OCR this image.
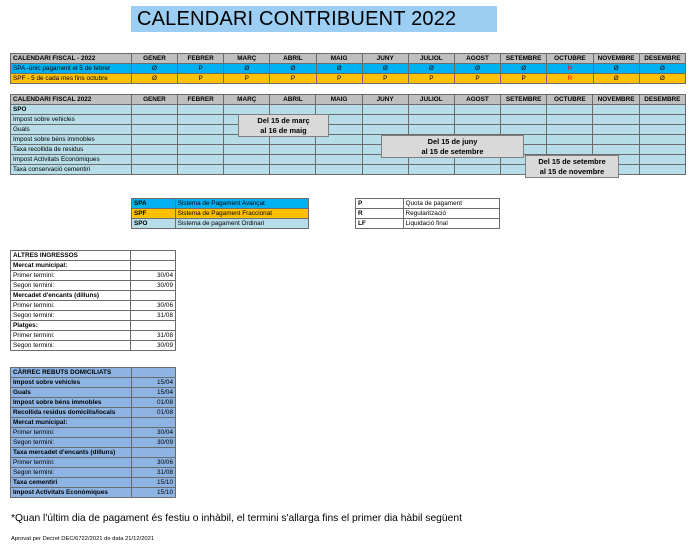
CALENDARI CONTRIBUENT 2022
CALENDARI FISCAL - 2022	GENER	FEBRER	MARÇ	ABRIL	MAIG	JUNY	JULIOL	AGOST	SETEMBRE	OCTUBRE	NOVEMBRE	DESEMBRE
SPA -únic pagament el 5 de febrer	Ø	P	Ø	Ø	Ø	Ø	Ø	Ø	Ø	R	Ø	Ø
SPF - 5 de cada mes fins octubre	Ø	P	P	P	P	P	P	P	P	R	Ø	Ø
CALENDARI FISCAL 2022	GENER	FEBRER	MARÇ	ABRIL	MAIG	JUNY	JULIOL	AGOST	SETEMBRE	OCTUBRE	NOVEMBRE	DESEMBRE
SPO												
Impost sobre vehicles												
Guals												
Impost sobre béns immobles												
Taxa recollida de residus												
Impost Activitats Econòmiques												
Taxa conservació cementiri												
Del 15 de març
al 16 de maig
Del 15 de juny
al 15 de setembre
Del 15 de setembre
al 15 de novembre
SPA	Sistema de Pagament Avançat
SPF	Sistema de Pagament Fraccionat
SPO	Sistema de pagament Ordinari
P	Quota de pagament
R	Regularització
LF	Liquidació final
ALTRES INGRESSOS	
Mercat municipal:	
Primer termini:	30/04
Segon termini:	30/09
Mercadet d'encants (dilluns)	
Primer termini:	30/06
Segon termini:	31/08
Platges:	
Primer termini:	31/08
Segon termini:	30/09
CÀRREC REBUTS DOMICILIATS	
Impost sobre vehicles	15/04
Guals	15/04
Impost sobre béns immobles	01/08
Recollida residus domicilis/locals	01/08
Mercat municipal:	
Primer termini:	30/04
Segon termini:	30/09
Taxa mercadet d'encants (dilluns)	
Primer termini:	30/06
Segon termini:	31/08
Taxa cementiri	15/10
Impost Activitats Econòmiques	15/10
*Quan l'últim dia de pagament és festiu o inhàbil, el termini s'allarga fins el primer dia hàbil següent
Aprovat per Decret DEC/6722/2021 de data 21/12/2021
